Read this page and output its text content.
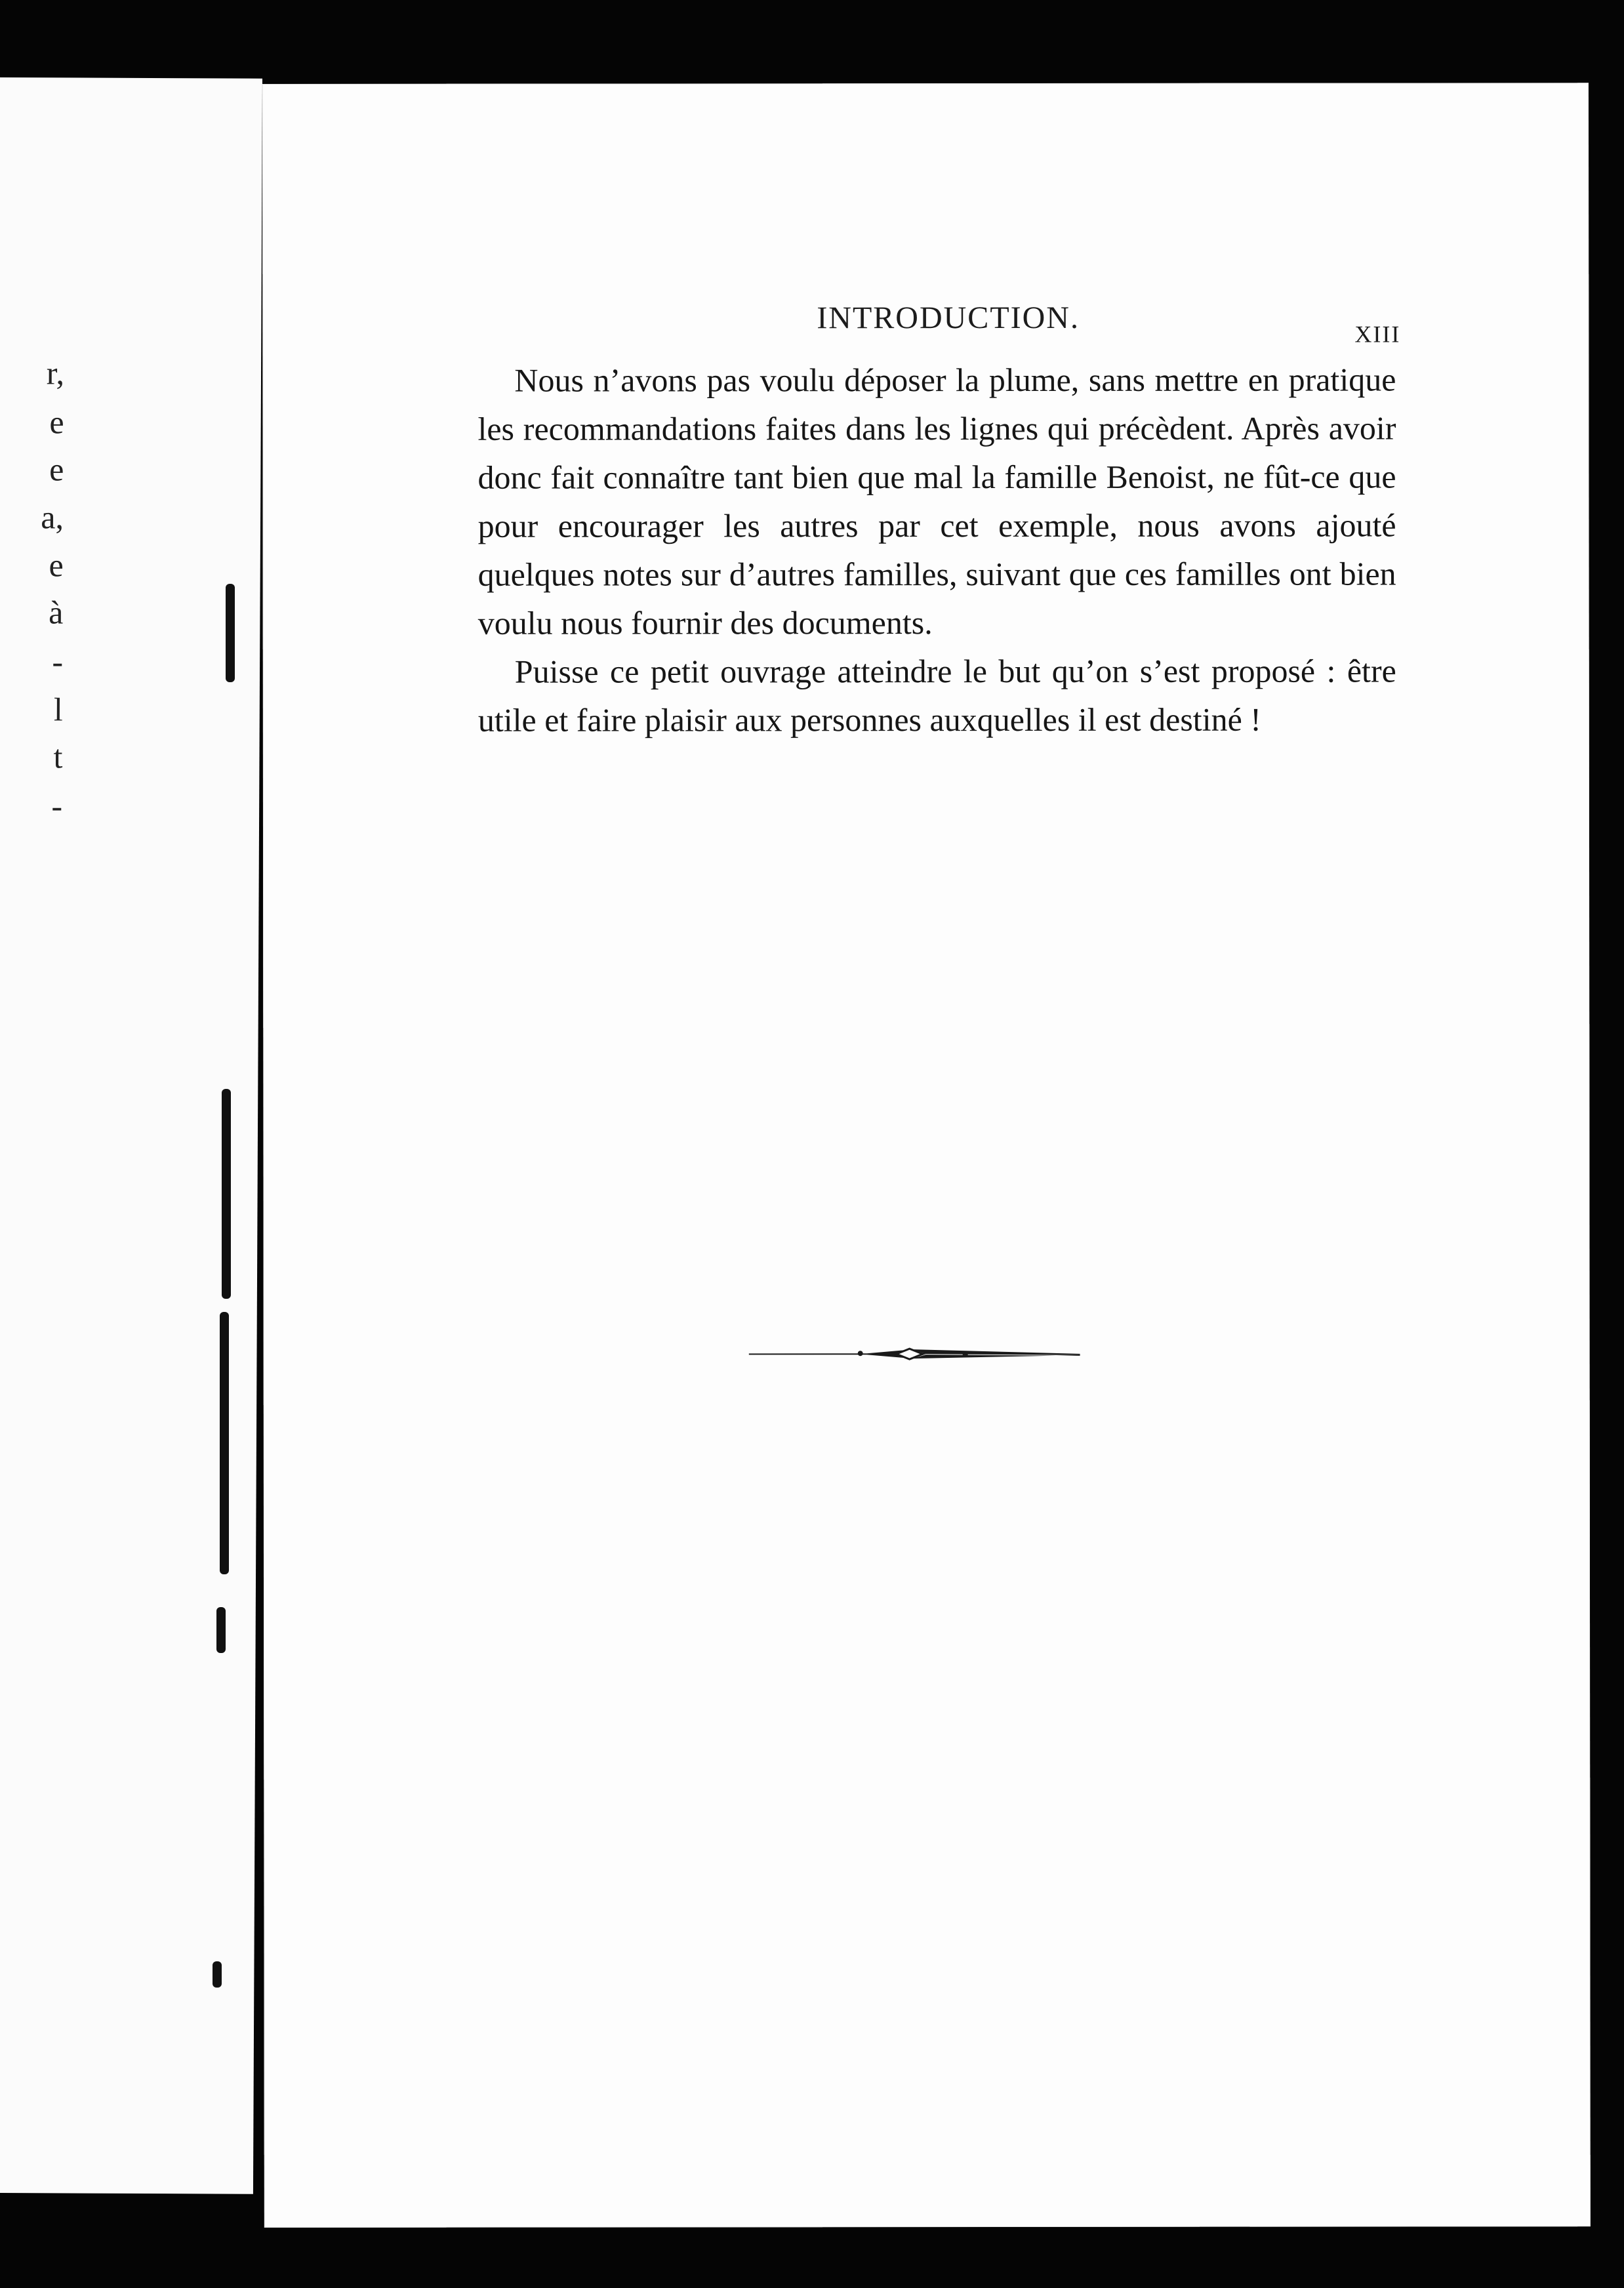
r,
e
e
a,
e
à
-
l
t
-
INTRODUCTION.	XIII

Nous n’avons pas voulu déposer la plume, sans mettre en pratique les recommandations faites dans les lignes qui précèdent. Après avoir donc fait connaître tant bien que mal la famille Benoist, ne fût-ce que pour encourager les autres par cet exemple, nous avons ajouté quelques notes sur d’autres familles, suivant que ces familles ont bien voulu nous fournir des documents.

Puisse ce petit ouvrage atteindre le but qu’on s’est proposé : être utile et faire plaisir aux personnes auxquelles il est destiné !
